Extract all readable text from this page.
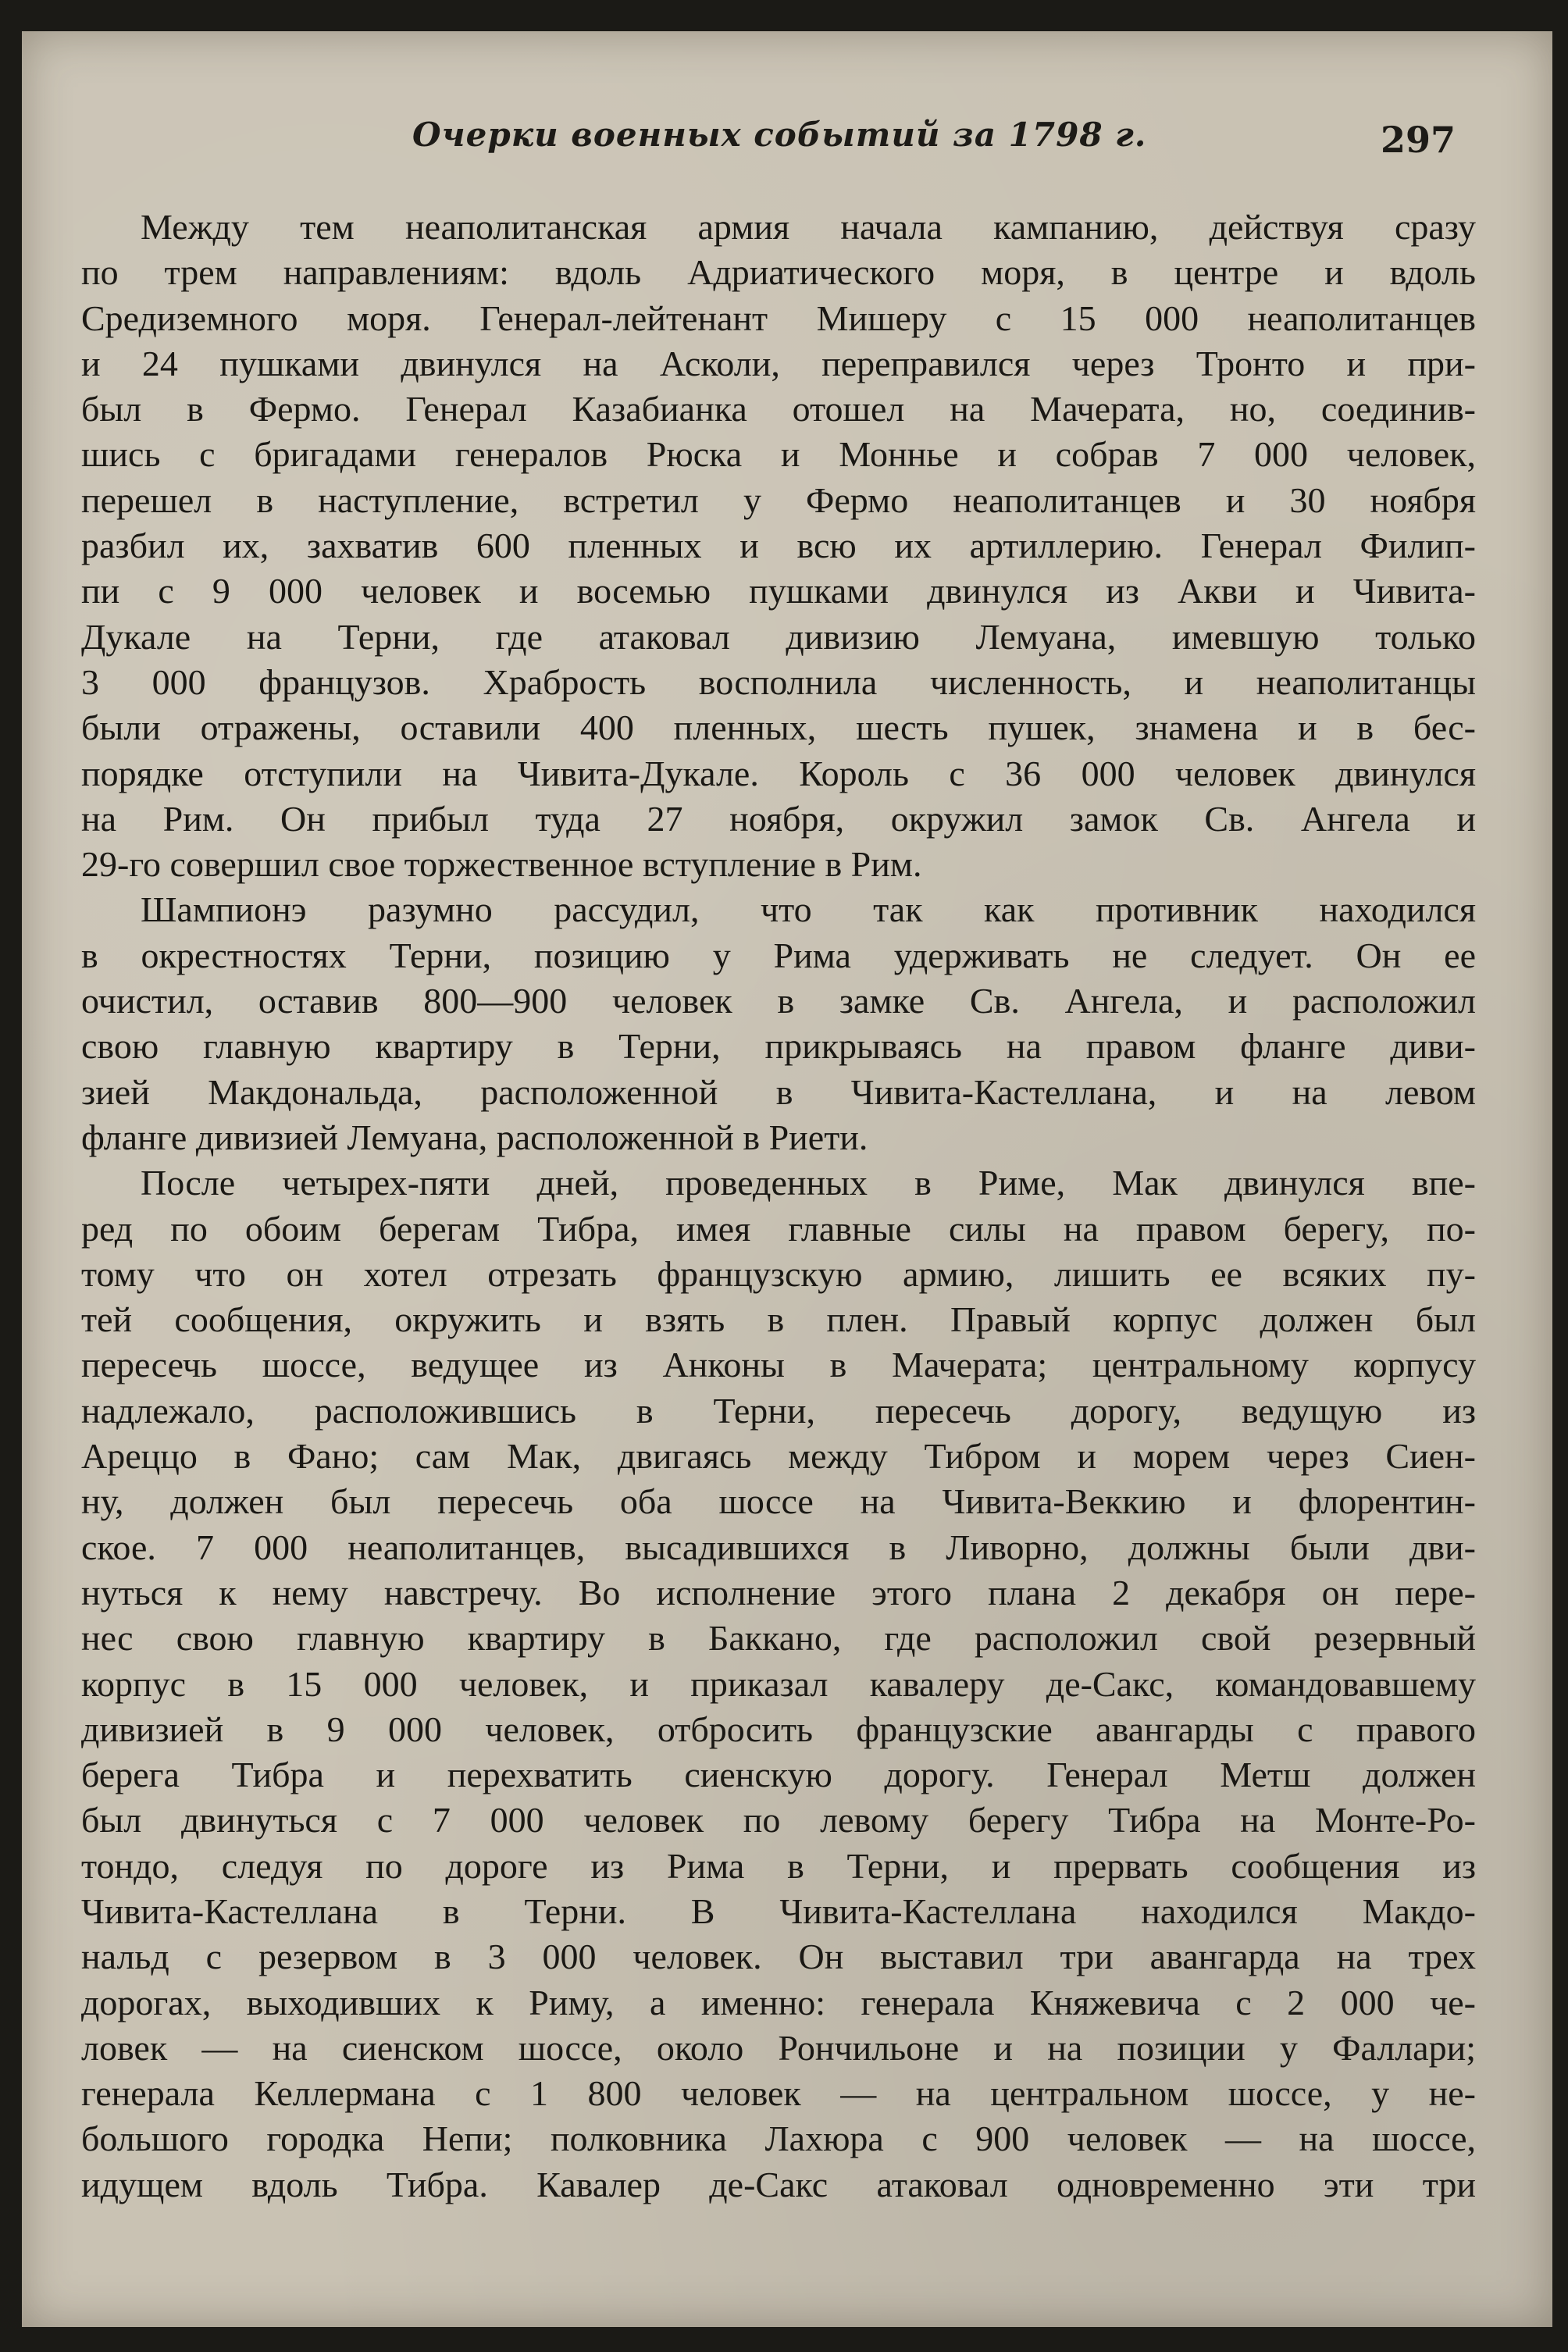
Очерки военных событий за 1798 г.	297
Между тем неаполитанская армия начала кампанию, действуя сразу
по трем направлениям: вдоль Адриатического моря, в центре и вдоль
Средиземного моря. Генерал-лейтенант Мишеру с 15 000 неаполитанцев
и 24 пушками двинулся на Асколи, переправился через Тронто и при-
был в Фермо. Генерал Казабианка отошел на Мачерата, но, соединив-
шись с бригадами генералов Рюска и Моннье и собрав 7 000 человек,
перешел в наступление, встретил у Фермо неаполитанцев и 30 ноября
разбил их, захватив 600 пленных и всю их артиллерию. Генерал Филип-
пи с 9 000 человек и восемью пушками двинулся из Акви и Чивита-
Дукале на Терни, где атаковал дивизию Лемуана, имевшую только
3 000 французов. Храбрость восполнила численность, и неаполитанцы
были отражены, оставили 400 пленных, шесть пушек, знамена и в бес-
порядке отступили на Чивита-Дукале. Король с 36 000 человек двинулся
на Рим. Он прибыл туда 27 ноября, окружил замок Св. Ангела и
29-го совершил свое торжественное вступление в Рим.
Шампионэ разумно рассудил, что так как противник находился
в окрестностях Терни, позицию у Рима удерживать не следует. Он ее
очистил, оставив 800—900 человек в замке Св. Ангела, и расположил
свою главную квартиру в Терни, прикрываясь на правом фланге диви-
зией Макдональда, расположенной в Чивита-Кастеллана, и на левом
фланге дивизией Лемуана, расположенной в Риети.
После четырех-пяти дней, проведенных в Риме, Мак двинулся впе-
ред по обоим берегам Тибра, имея главные силы на правом берегу, по-
тому что он хотел отрезать французскую армию, лишить ее всяких пу-
тей сообщения, окружить и взять в плен. Правый корпус должен был
пересечь шоссе, ведущее из Анконы в Мачерата; центральному корпусу
надлежало, расположившись в Терни, пересечь дорогу, ведущую из
Ареццо в Фано; сам Мак, двигаясь между Тибром и морем через Сиен-
ну, должен был пересечь оба шоссе на Чивита-Веккию и флорентин-
ское. 7 000 неаполитанцев, высадившихся в Ливорно, должны были дви-
нуться к нему навстречу. Во исполнение этого плана 2 декабря он пере-
нес свою главную квартиру в Баккано, где расположил свой резервный
корпус в 15 000 человек, и приказал кавалеру де-Сакс, командовавшему
дивизией в 9 000 человек, отбросить французские авангарды с правого
берега Тибра и перехватить сиенскую дорогу. Генерал Метш должен
был двинуться с 7 000 человек по левому берегу Тибра на Монте-Ро-
тондо, следуя по дороге из Рима в Терни, и прервать сообщения из
Чивита-Кастеллана в Терни. В Чивита-Кастеллана находился Макдо-
нальд с резервом в 3 000 человек. Он выставил три авангарда на трех
дорогах, выходивших к Риму, а именно: генерала Княжевича с 2 000 че-
ловек — на сиенском шоссе, около Рончильоне и на позиции у Фаллари;
генерала Келлермана с 1 800 человек — на центральном шоссе, у не-
большого городка Непи; полковника Лахюра с 900 человек — на шоссе,
идущем вдоль Тибра. Кавалер де-Сакс атаковал одновременно эти три
